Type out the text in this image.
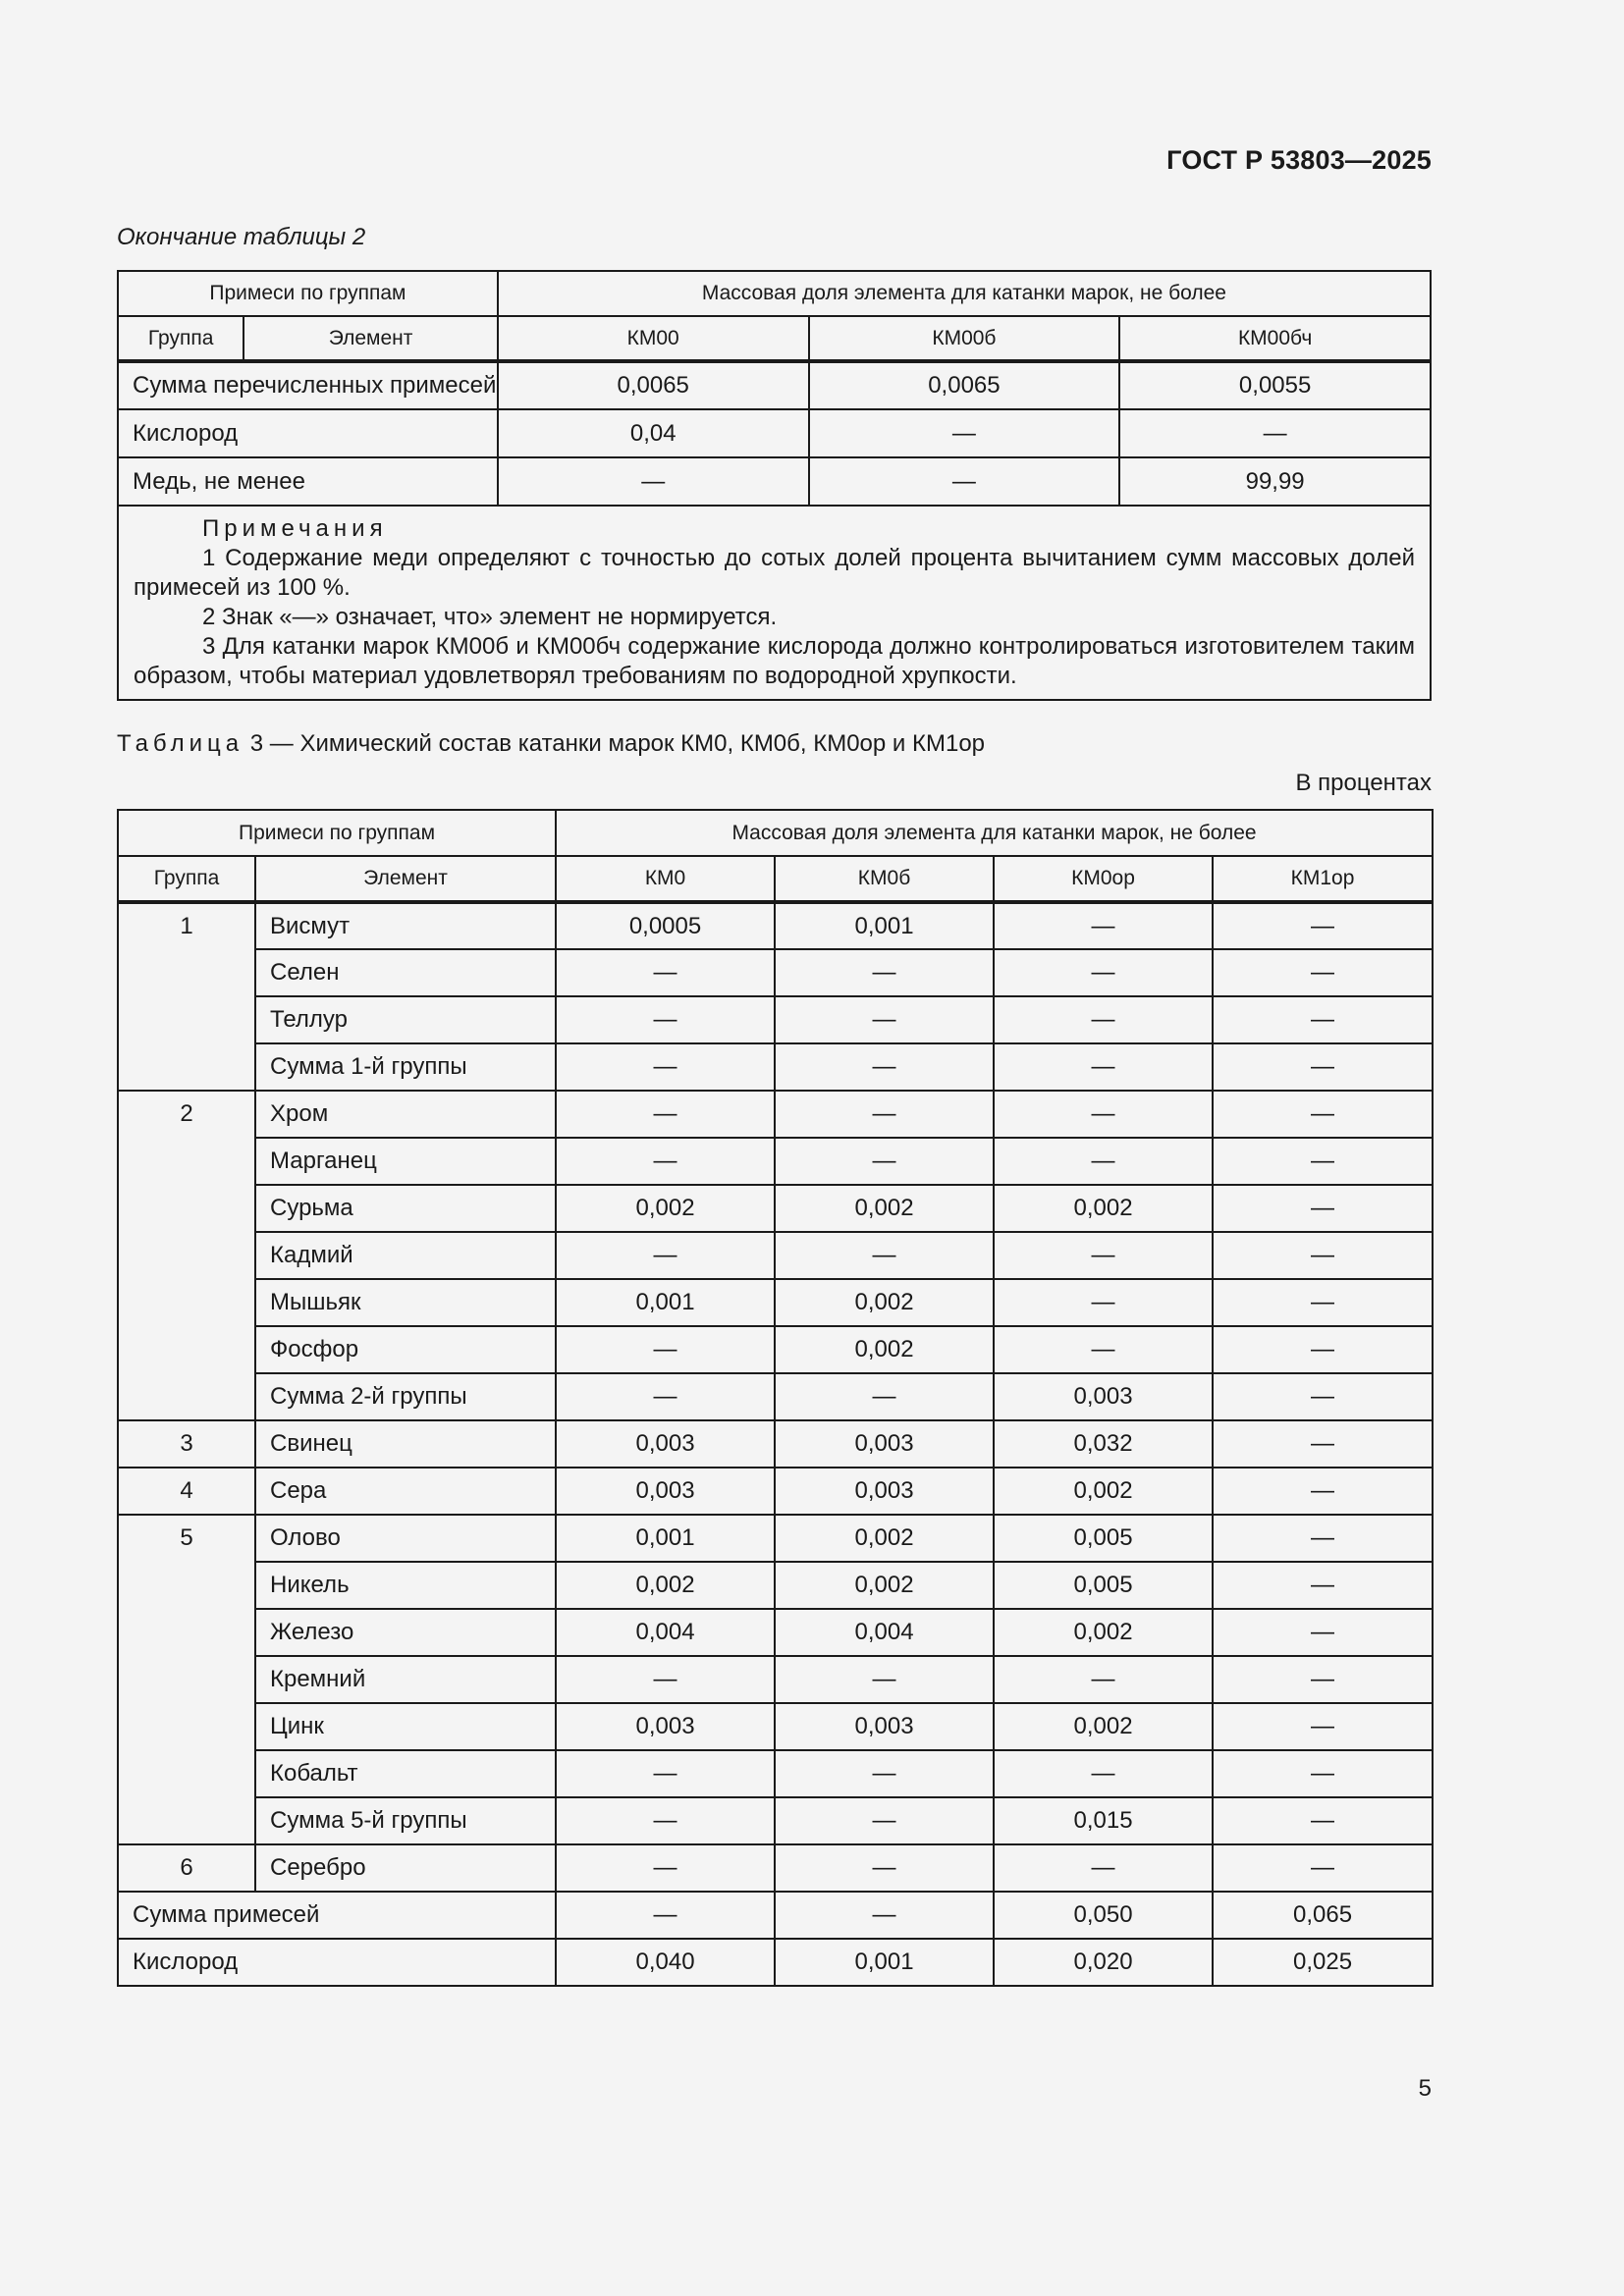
ГОСТ Р 53803—2025
Окончание таблицы 2
Примеси по группам		Массовая доля элемента для катанки марок, не более		
Группа	Элемент	КМ00	КМ00б	КМ00бч
Сумма перечисленных примесей		0,0065	0,0065	0,0055
Кислород		0,04	—	—
Медь, не менее		—	—	99,99

Примечания
1 Содержание меди определяют с точностью до сотых долей процента вычитанием сумм массовых долей примесей из 100 %.
2 Знак «—» означает, что» элемент не нормируется.
3 Для катанки марок КМ00б и КМ00бч содержание кислорода должно контролироваться изготовителем таким образом, чтобы материал удовлетворял требованиям по водородной хрупкости.				
Таблица 3 — Химический состав катанки марок КМ0, КМ0б, КМ0ор и КМ1ор
В процентах
Примеси по группам		Массовая доля элемента для катанки марок, не более			
Группа	Элемент	КМ0	КМ0б	КМ0ор	КМ1ор
1	Висмут	0,0005	0,001	—	—
	Селен	—	—	—	—
	Теллур	—	—	—	—
	Сумма 1-й группы	—	—	—	—
2	Хром	—	—	—	—
	Марганец	—	—	—	—
	Сурьма	0,002	0,002	0,002	—
	Кадмий	—	—	—	—
	Мышьяк	0,001	0,002	—	—
	Фосфор	—	0,002	—	—
	Сумма 2-й группы	—	—	0,003	—
3	Свинец	0,003	0,003	0,032	—
4	Сера	0,003	0,003	0,002	—
5	Олово	0,001	0,002	0,005	—
	Никель	0,002	0,002	0,005	—
	Железо	0,004	0,004	0,002	—
	Кремний	—	—	—	—
	Цинк	0,003	0,003	0,002	—
	Кобальт	—	—	—	—
	Сумма 5-й группы	—	—	0,015	—
6	Серебро	—	—	—	—
Сумма примесей		—	—	0,050	0,065
Кислород		0,040	0,001	0,020	0,025
5
